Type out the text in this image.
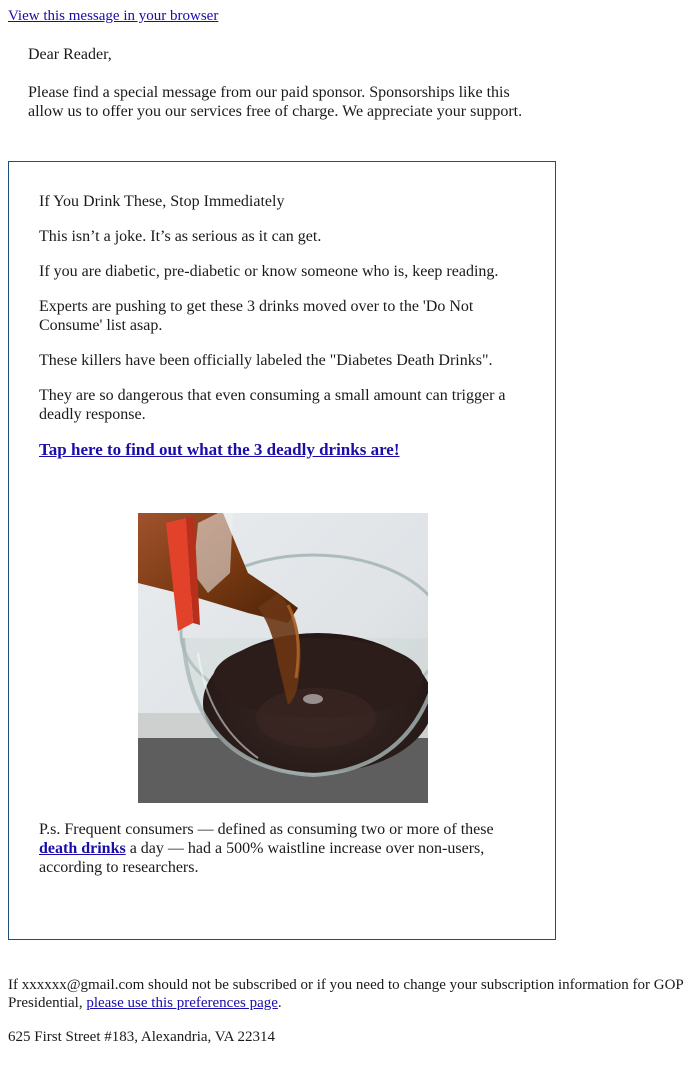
View this message in your browser

Dear Reader,

Please find a special message from our paid sponsor. Sponsorships like this allow us to offer you our services free of charge. We appreciate your support.

If You Drink These, Stop Immediately

This isn’t a joke. It’s as serious as it can get.

If you are diabetic, pre-diabetic or know someone who is, keep reading.

Experts are pushing to get these 3 drinks moved over to the 'Do Not Consume' list asap.

These killers have been officially labeled the "Diabetes Death Drinks".

They are so dangerous that even consuming a small amount can trigger a deadly response.

Tap here to find out what the 3 deadly drinks are!

P.s. Frequent consumers — defined as consuming two or more of these death drinks a day — had a 500% waistline increase over non-users, according to researchers.

If xxxxxx@gmail.com should not be subscribed or if you need to change your subscription information for GOP Presidential, please use this preferences page.

625 First Street #183, Alexandria, VA 22314
